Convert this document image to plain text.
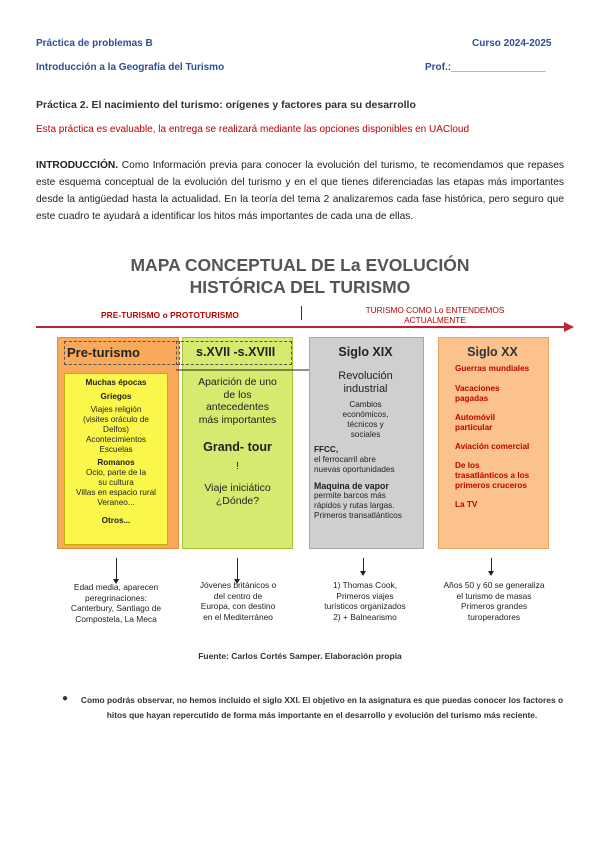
Práctica de problemas B	Curso 2024-2025
Introducción a la Geografía del Turismo	Prof.:_________________
Práctica 2. El nacimiento del turismo: orígenes y factores para su desarrollo
Esta práctica es evaluable, la entrega se realizará mediante las opciones disponibles en UACloud
INTRODUCCIÓN. Como Información previa para conocer la evolución del turismo, te recomendamos que repases este esquema conceptual de la evolución del turismo y en el que tienes diferenciadas las etapas más importantes desde la antigüedad hasta la actualidad. En la teoría del tema 2 analizaremos cada fase histórica, pero seguro que este cuadro te ayudará a identificar los hitos más importantes de cada una de ellas.
MAPA CONCEPTUAL DE La EVOLUCIÓN
HISTÓRICA DEL TURISMO
PRE-TURISMO o PROTOTURISMO	TURISMO COMO Lo ENTENDEMOS
ACTUALMENTE
Pre-turismo
Muchas épocas
Griegos
Viajes religión
(visites oráculo de
Delfos)
Acontecimientos
Escuelas
Romanos
Ocio, parte de la
su cultura
Villas en espacio rural
Veraneo...
Otros...
s.XVII -s.XVIII
Aparición de uno
de los
antecedentes
más importantes
Grand- tour
!
Viaje iniciático
¿Dónde?
Siglo XIX
Revolución
industrial
Cambios
económicos,
técnicos y
sociales
FFCC,
el ferrocarril abre
nuevas oportunidades
Maquina de vapor
permite barcos más
rápidos y rutas largas.
Primeros transatlánticos
Siglo XX
Guerras mundiales
Vacaciones
pagadas
Automóvil
particular
Aviación comercial
De los
trasatlánticos a los
primeros cruceros
La TV
Edad media, aparecen
peregrinaciones:
Canterbury, Santiago de
Compostela, La Meca
Jóvenes británicos o
del centro de
Europa, con destino
en el Mediterráneo
1) Thomas Cook,
Primeros viajes
turísticos organizados
2) + Balnearismo
Años 50 y 60 se generaliza
el turismo de masas
Primeros grandes
turoperadores
Fuente: Carlos Cortés Samper. Elaboración propia
● Como podrás observar, no hemos incluido el siglo XXI. El objetivo en la asignatura es que puedas conocer los factores o hitos que hayan repercutido de forma más importante en el desarrollo y evolución del turismo más reciente.
